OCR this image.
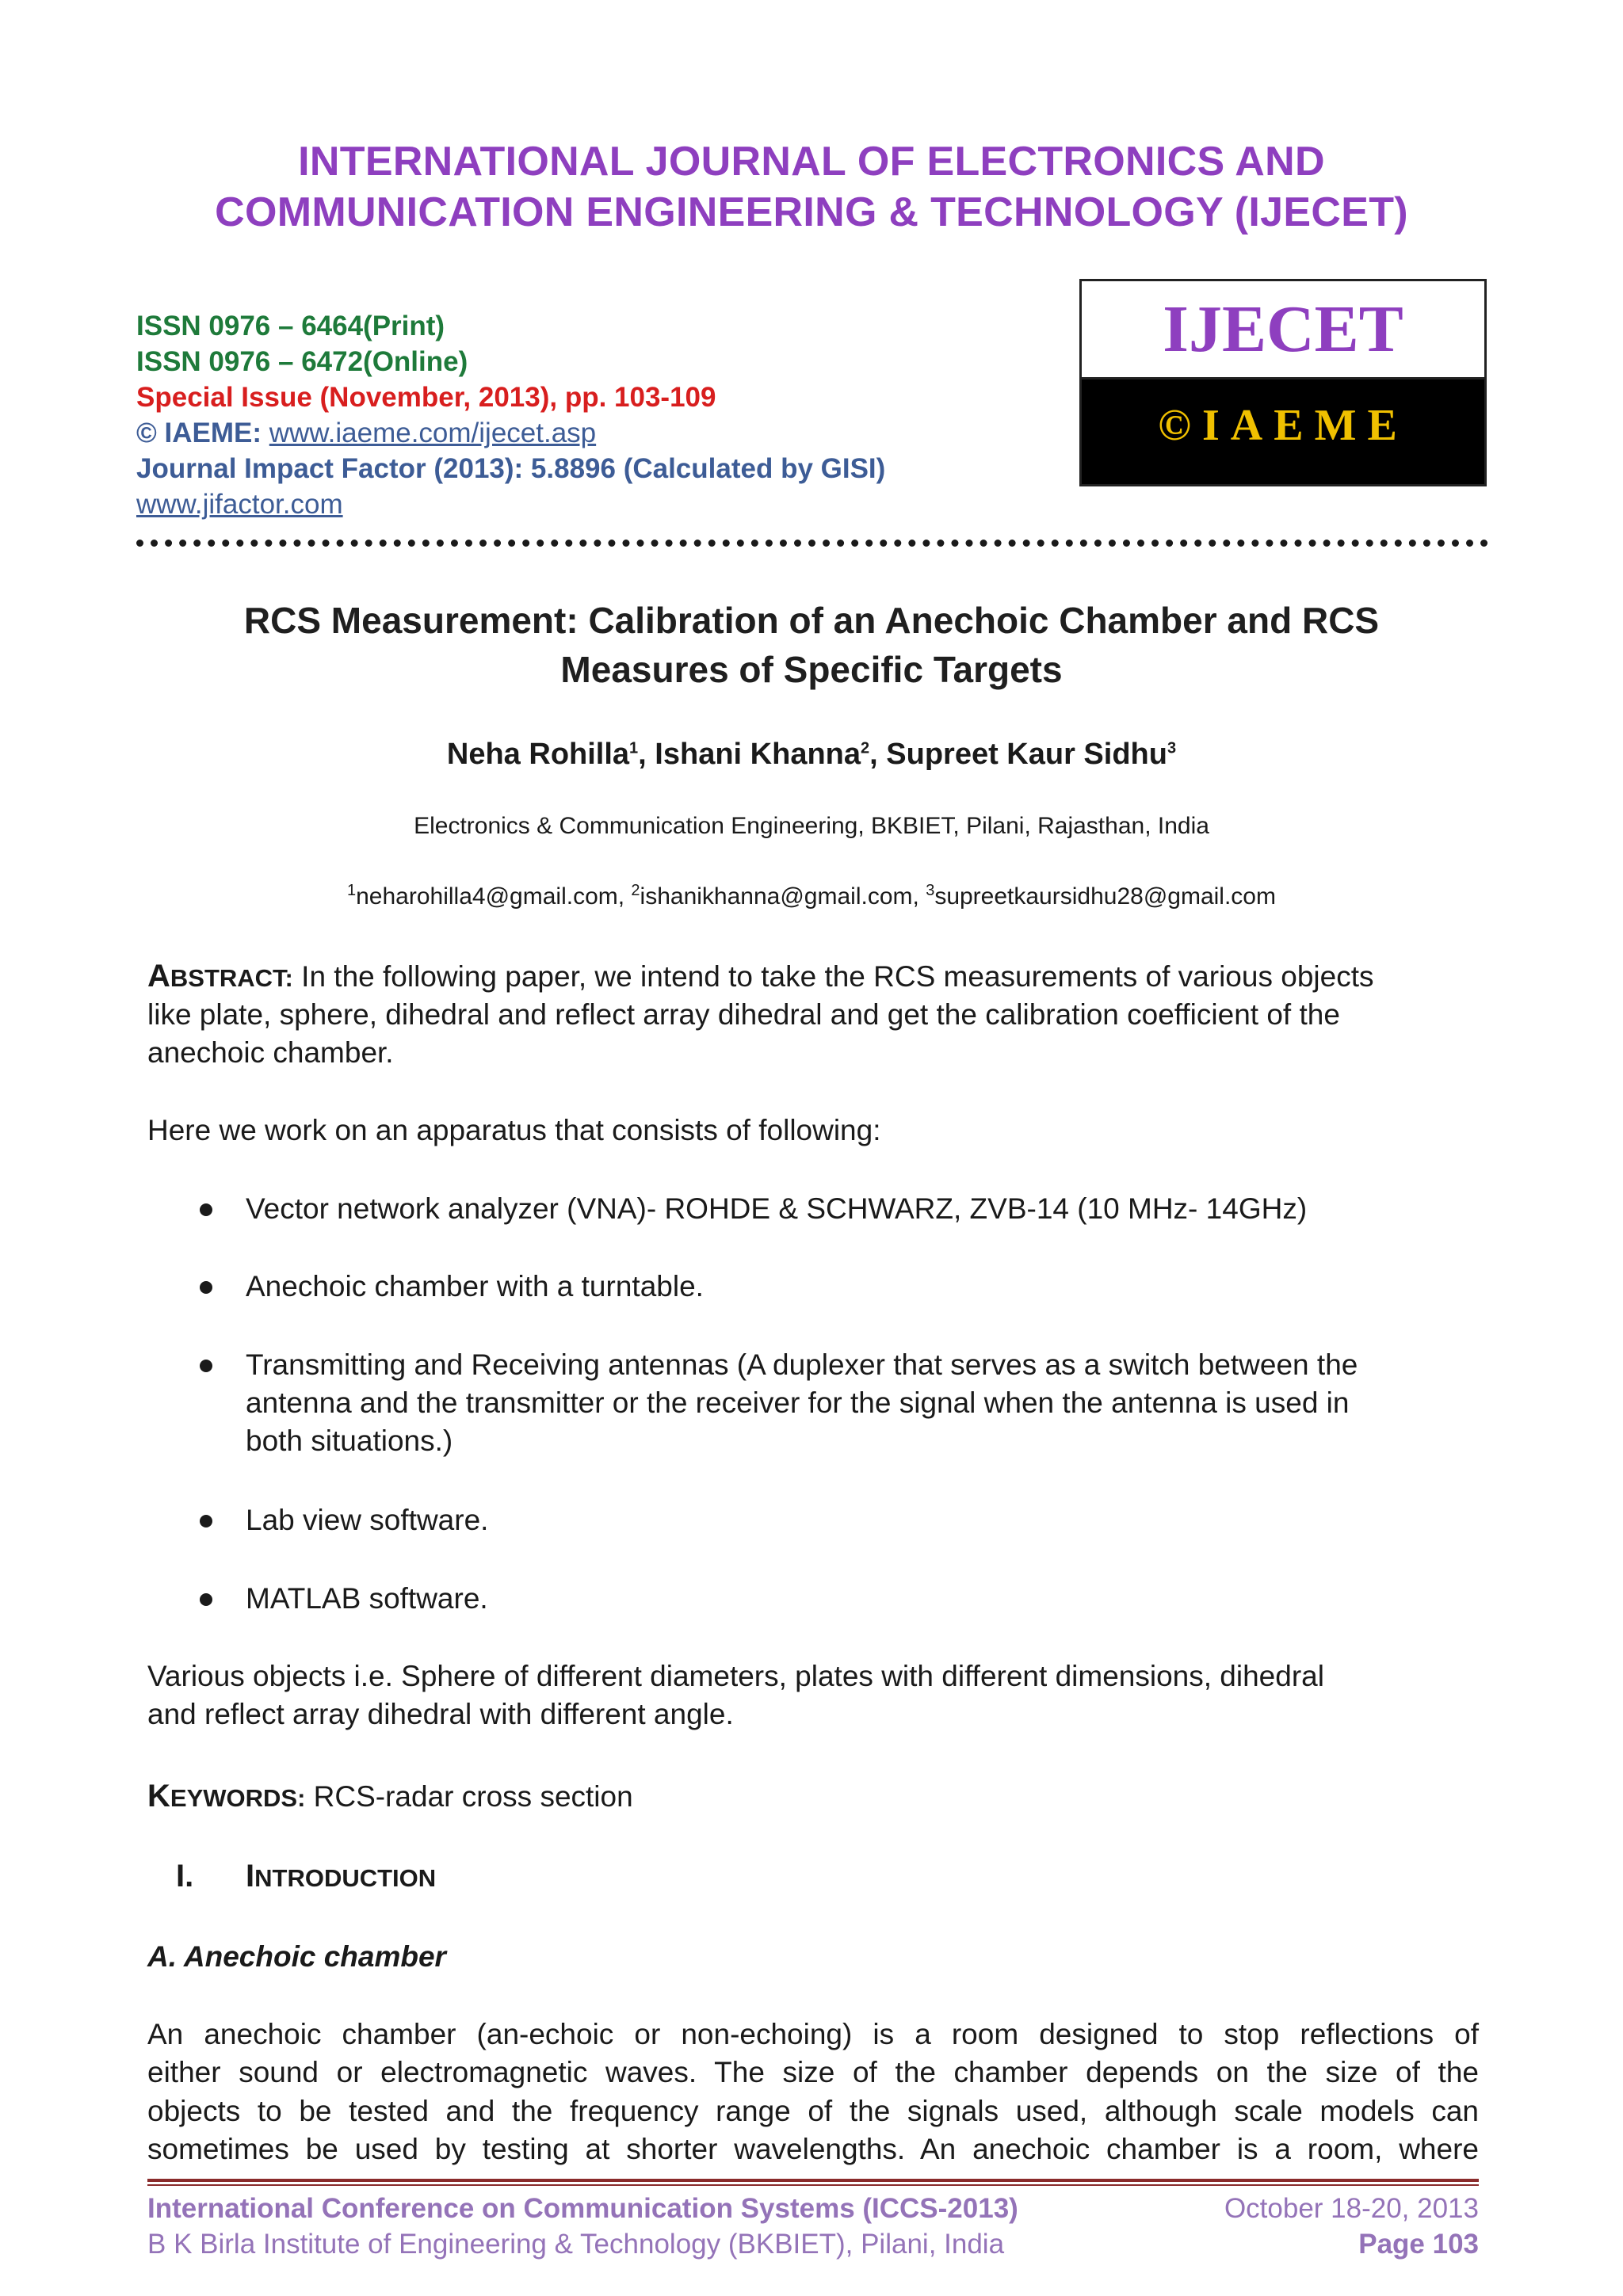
INTERNATIONAL JOURNAL OF ELECTRONICS AND
COMMUNICATION ENGINEERING & TECHNOLOGY (IJECET)
ISSN 0976 – 6464(Print)
ISSN 0976 – 6472(Online)
Special Issue (November, 2013), pp. 103-109
© IAEME: www.iaeme.com/ijecet.asp
Journal Impact Factor (2013): 5.8896 (Calculated by GISI)
www.jifactor.com
IJECET
©IAEME
RCS Measurement: Calibration of an Anechoic Chamber and RCS
Measures of Specific Targets
Neha Rohilla$^1$, Ishani Khanna$^2$, Supreet Kaur Sidhu$^3$
Electronics & Communication Engineering, BKBIET, Pilani, Rajasthan, India
$^1$neharohilla4@gmail.com, $^2$ishanikhanna@gmail.com, $^3$supreetkaursidhu28@gmail.com
ABSTRACT: In the following paper, we intend to take the RCS measurements of various objects
like plate, sphere, dihedral and reflect array dihedral and get the calibration coefficient of the
anechoic chamber.
Here we work on an apparatus that consists of following:
Vector network analyzer (VNA)- ROHDE & SCHWARZ, ZVB-14 (10 MHz- 14GHz)
Anechoic chamber with a turntable.
Transmitting and Receiving antennas (A duplexer that serves as a switch between the
antenna and the transmitter or the receiver for the signal when the antenna is used in
both situations.)
Lab view software.
MATLAB software.
Various objects i.e. Sphere of different diameters, plates with different dimensions, dihedral
and reflect array dihedral with different angle.
KEYWORDS: RCS-radar cross section
I. INTRODUCTION
A. Anechoic chamber
An anechoic chamber (an-echoic or non-echoing) is a room designed to stop reflections of
either sound or electromagnetic waves. The size of the chamber depends on the size of the
objects to be tested and the frequency range of the signals used, although scale models can
sometimes be used by testing at shorter wavelengths. An anechoic chamber is a room, where
International Conference on Communication Systems (ICCS-2013)	October 18-20, 2013
B K Birla Institute of Engineering & Technology (BKBIET), Pilani, India	Page 103
